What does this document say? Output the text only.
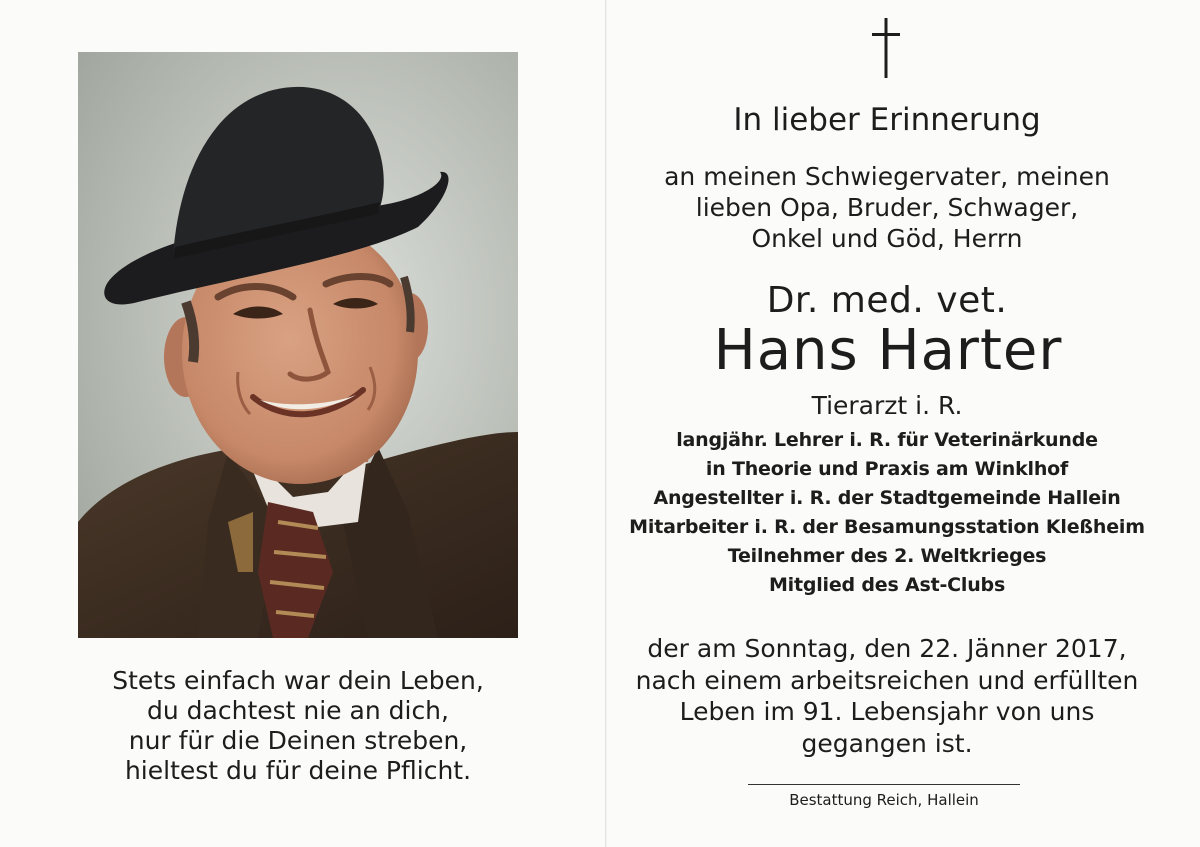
Stets einfach war dein Leben,
du dachtest nie an dich,
nur für die Deinen streben,
hieltest du für deine Pflicht.
In lieber Erinnerung
an meinen Schwiegervater, meinen
lieben Opa, Bruder, Schwager,
Onkel und Göd, Herrn
Dr. med. vet.
Hans Harter
Tierarzt i. R.
langjähr. Lehrer i. R. für Veterinärkunde
in Theorie und Praxis am Winklhof
Angestellter i. R. der Stadtgemeinde Hallein
Mitarbeiter i. R. der Besamungsstation Kleßheim
Teilnehmer des 2. Weltkrieges
Mitglied des Ast-Clubs
der am Sonntag, den 22. Jänner 2017,
nach einem arbeitsreichen und erfüllten
Leben im 91. Lebensjahr von uns
gegangen ist.
Bestattung Reich, Hallein
